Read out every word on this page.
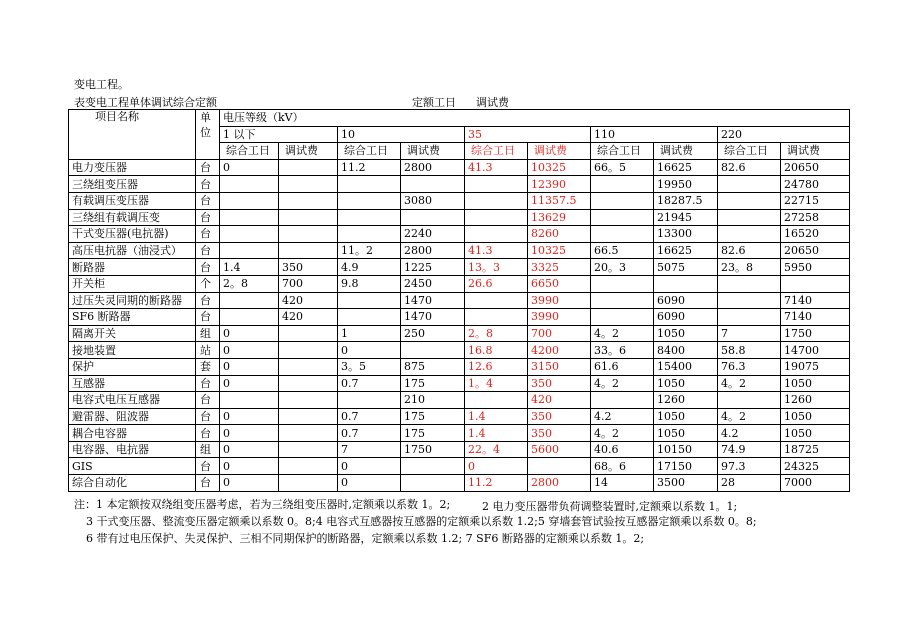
变电工程。
表变电工程单体调试综合定额	定额工日 调试费
项目名称	单位	电压等级（kV）									
		1 以下		10		35		110		220	
		综合工日	调试费	综合工日	调试费	综合工日	调试费	综合工日	调试费	综合工日	调试费
电力变压器	台	0		11.2	2800	41.3	10325	66。5	16625	82.6	20650
三绕组变压器	台						12390		19950		24780
有载调压变压器	台				3080		11357.5		18287.5		22715
三绕组有载调压变	台						13629		21945		27258
干式变压器(电抗器)	台				2240		8260		13300		16520
高压电抗器（油浸式）	台			11。2	2800	41.3	10325	66.5	16625	82.6	20650
断路器	台	1.4	350	4.9	1225	13。3	3325	20。3	5075	23。8	5950
开关柜	个	2。8	700	9.8	2450	26.6	6650				
过压失灵同期的断路器	台		420		1470		3990		6090		7140
SF6 断路器	台		420		1470		3990		6090		7140
隔离开关	组	0		1	250	2。8	700	4。2	1050	7	1750
接地装置	站	0		0		16.8	4200	33。6	8400	58.8	14700
保护	套	0		3。5	875	12.6	3150	61.6	15400	76.3	19075
互感器	台	0		0.7	175	1。4	350	4。2	1050	4。2	1050
电容式电压互感器	台				210		420		1260		1260
避雷器、阻波器	台	0		0.7	175	1.4	350	4.2	1050	4。2	1050
耦合电容器	台	0		0.7	175	1.4	350	4。2	1050	4.2	1050
电容器、电抗器	组	0		7	1750	22。4	5600	40.6	10150	74.9	18725
GIS	台	0		0		0		68。6	17150	97.3	24325
综合自动化	台	0		0		11.2	2800	14	3500	28	7000
注：1 本定额按双绕组变压器考虑，若为三绕组变压器时,定额乘以系数 1。2;	2 电力变压器带负荷调整装置时,定额乘以系数 1。1;
3 干式变压器、整流变压器定额乘以系数 0。8;4 电容式互感器按互感器的定额乘以系数 1.2;5 穿墙套管试验按互感器定额乘以系数 0。8;
6 带有过电压保护、失灵保护、三相不同期保护的断路器，定额乘以系数 1.2; 7 SF6 断路器的定额乘以系数 1。2;
